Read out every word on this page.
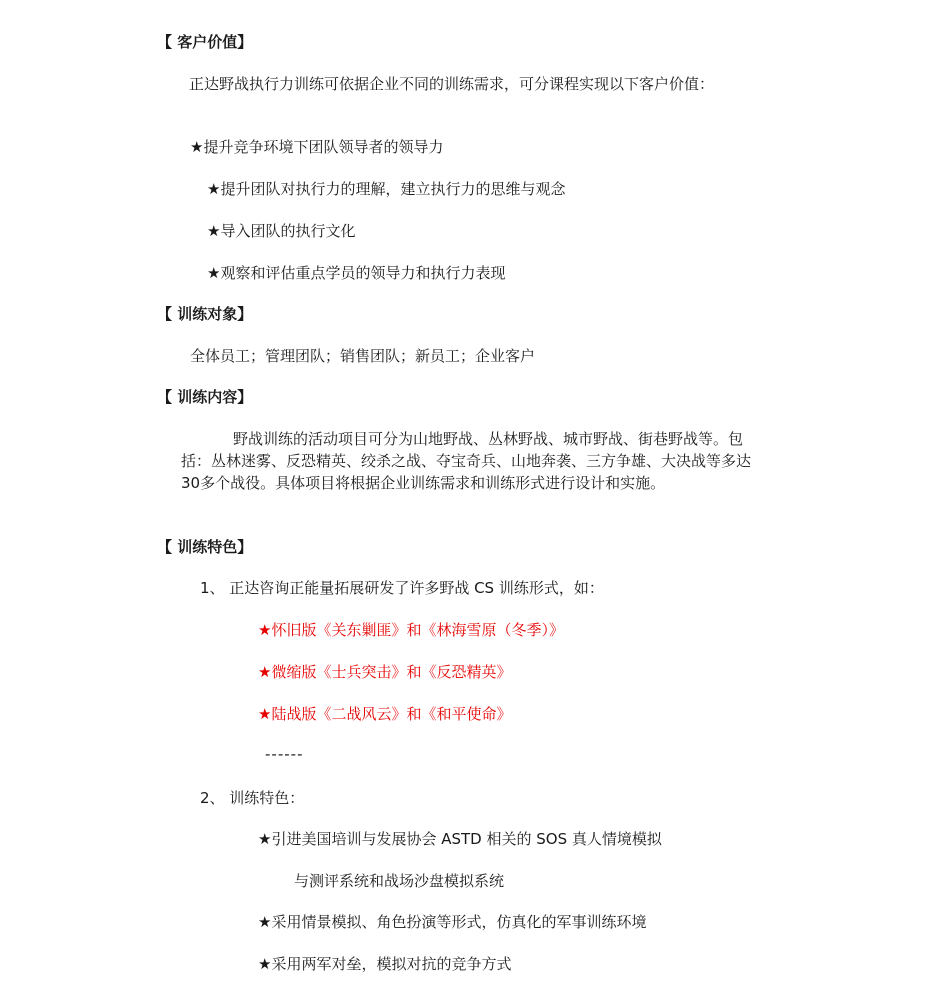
【 客户价值】
正达野战执行力训练可依据企业不同的训练需求，可分课程实现以下客户价值：
★提升竞争环境下团队领导者的领导力
★提升团队对执行力的理解，建立执行力的思维与观念
★导入团队的执行文化
★观察和评估重点学员的领导力和执行力表现
【 训练对象】
全体员工；管理团队；销售团队；新员工；企业客户
【 训练内容】
野战训练的活动项目可分为山地野战、丛林野战、城市野战、街巷野战等。包括：丛林迷雾、反恐精英、绞杀之战、夺宝奇兵、山地奔袭、三方争雄、大决战等多达 30多个战役。具体项目将根据企业训练需求和训练形式进行设计和实施。
【 训练特色】
1、 正达咨询正能量拓展研发了许多野战 CS 训练形式，如：
★怀旧版《关东剿匪》和《林海雪原（冬季）》
★微缩版《士兵突击》和《反恐精英》
★陆战版《二战风云》和《和平使命》
------
2、 训练特色：
★引进美国培训与发展协会 ASTD 相关的 SOS 真人情境模拟
与测评系统和战场沙盘模拟系统
★采用情景模拟、角色扮演等形式，仿真化的军事训练环境
★采用两军对垒，模拟对抗的竞争方式
